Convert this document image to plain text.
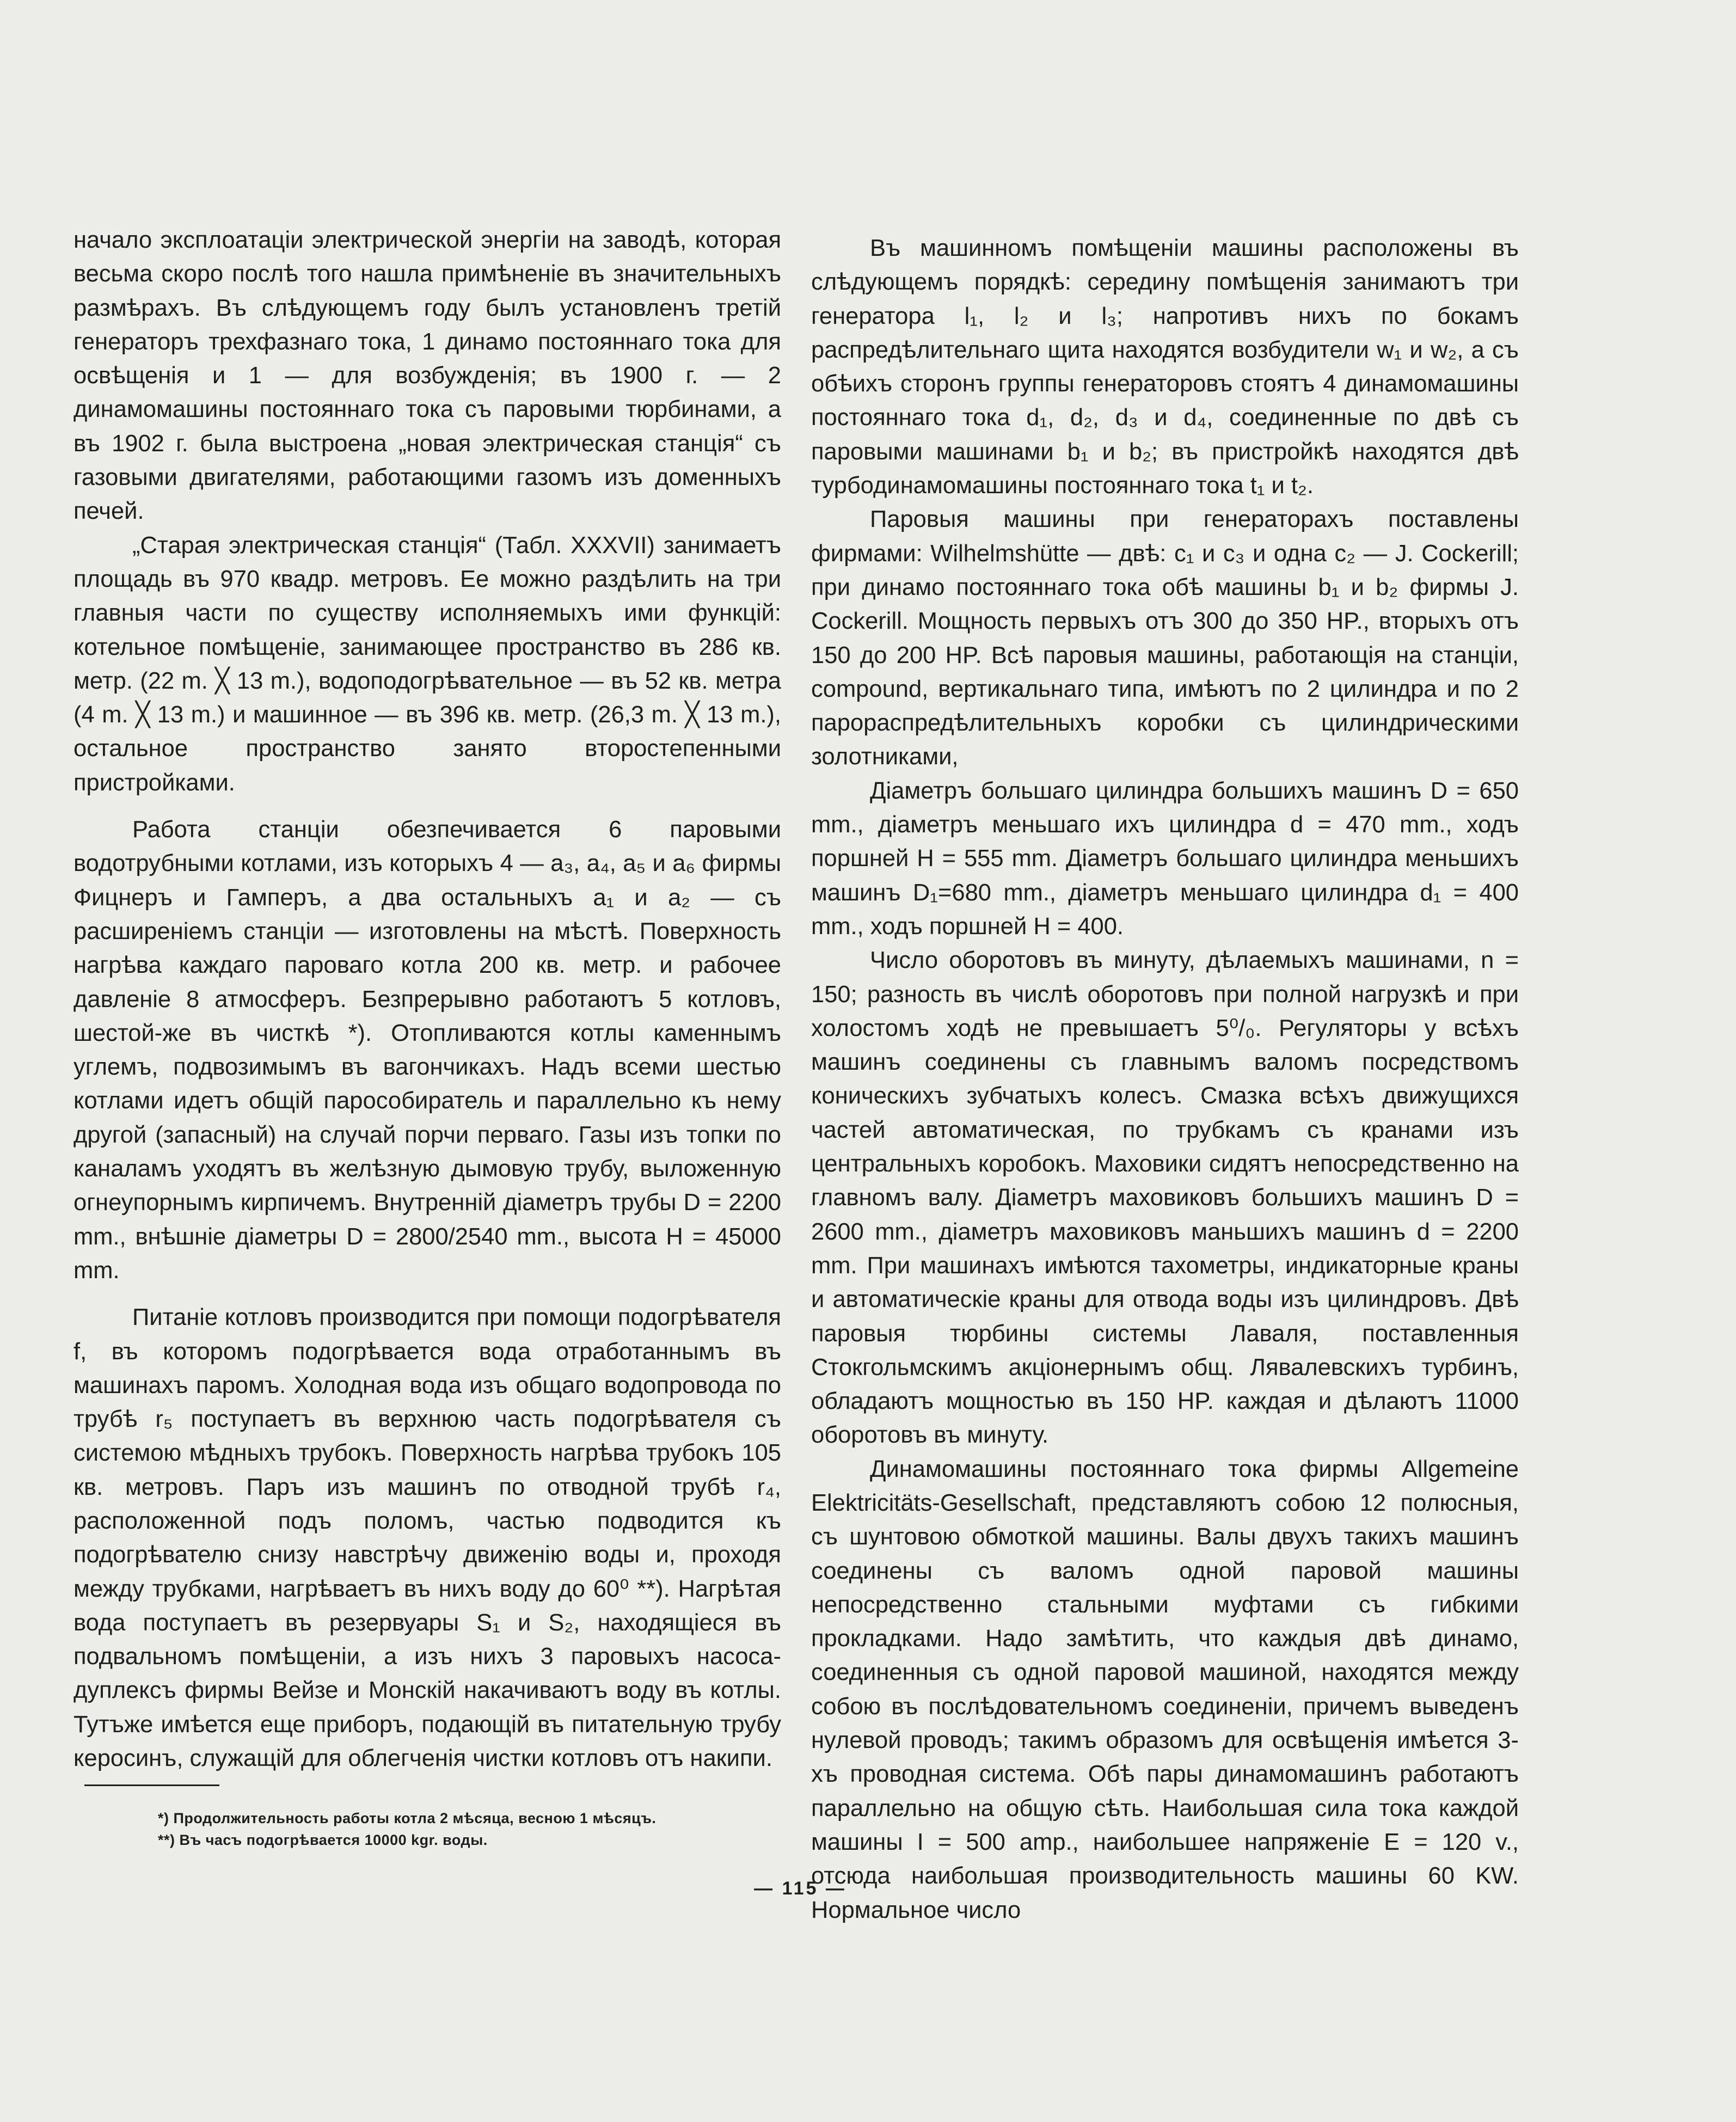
начало эксплоатацiи электрической энергiи на заводѣ, которая весьма скоро послѣ того нашла примѣненiе въ значительныхъ размѣрахъ. Въ слѣдующемъ году былъ установленъ третiй генераторъ трехфазнаго тока, 1 динамо постояннаго тока для освѣщенiя и 1 — для возбужденiя; въ 1900 г. — 2 динамомашины постояннаго тока съ паровыми тюрбинами, а въ 1902 г. была выстроена „новая электрическая станцiя“ съ газовыми двигателями, работающими газомъ изъ доменныхъ печей.

„Старая электрическая станцiя“ (Табл. XXXVII) занимаетъ площадь въ 970 квадр. метровъ. Ее можно раздѣлить на три главныя части по существу исполняемыхъ ими функцiй: котельное помѣщенiе, занимающее пространство въ 286 кв. метр. (22 m. ╳ 13 m.), водоподогрѣвательное — въ 52 кв. метра (4 m. ╳ 13 m.) и машинное — въ 396 кв. метр. (26,3 m. ╳ 13 m.), остальное пространство занято второстепенными пристройками.

Работа станцiи обезпечивается 6 паровыми водотрубными котлами, изъ которыхъ 4 — a₃, a₄, a₅ и a₆ фирмы Фицнеръ и Гамперъ, а два остальныхъ a₁ и a₂ — съ расширенiемъ станцiи — изготовлены на мѣстѣ. Поверхность нагрѣва каждаго пароваго котла 200 кв. метр. и рабочее давленiе 8 атмосферъ. Безпрерывно работаютъ 5 котловъ, шестой-же въ чисткѣ *). Отопливаются котлы каменнымъ углемъ, подвозимымъ въ вагончикахъ. Надъ всеми шестью котлами идетъ общiй парособиратель и параллельно къ нему другой (запасный) на случай порчи перваго. Газы изъ топки по каналамъ уходятъ въ желѣзную дымовую трубу, выложенную огнеупорнымъ кирпичемъ. Внутреннiй дiаметръ трубы D = 2200 mm., внѣшнiе дiаметры D = 2800/2540 mm., высота H = 45000 mm.

Питанiе котловъ производится при помощи подогрѣвателя f, въ которомъ подогрѣвается вода отработаннымъ въ машинахъ паромъ. Холодная вода изъ общаго водопровода по трубѣ r₅ поступаетъ въ верхнюю часть подогрѣвателя съ системою мѣдныхъ трубокъ. Поверхность нагрѣва трубокъ 105 кв. метровъ. Паръ изъ машинъ по отводной трубѣ r₄, расположенной подъ поломъ, частью подводится къ подогрѣвателю снизу навстрѣчу движенiю воды и, проходя между трубками, нагрѣваетъ въ нихъ воду до 60⁰ **). Нагрѣтая вода поступаетъ въ резервуары S₁ и S₂, находящiеся въ подвальномъ помѣщенiи, а изъ нихъ 3 паровыхъ насоса-дуплексъ фирмы Вейзе и Монскiй накачиваютъ воду въ котлы. Тутъже имѣется еще приборъ, подающiй въ питательную трубу керосинъ, служащiй для облегченiя чистки котловъ отъ накипи.

Въ машинномъ помѣщенiи машины расположены въ слѣдующемъ порядкѣ: середину помѣщенiя занимаютъ три генератора l₁, l₂ и l₃; напротивъ нихъ по бокамъ распредѣлительнаго щита находятся возбудители w₁ и w₂, а съ обѣихъ сторонъ группы генераторовъ стоятъ 4 динамомашины постояннаго тока d₁, d₂, d₃ и d₄, соединенные по двѣ съ паровыми машинами b₁ и b₂; въ пристройкѣ находятся двѣ турбодинамомашины постояннаго тока t₁ и t₂.

Паровыя машины при генераторахъ поставлены фирмами: Wilhelmshütte — двѣ: c₁ и c₃ и одна c₂ — J. Cockerill; при динамо постояннаго тока обѣ машины b₁ и b₂ фирмы J. Cockerill. Мощность первыхъ отъ 300 до 350 HP., вторыхъ отъ 150 до 200 HP. Всѣ паровыя машины, работающiя на станцiи, compound, вертикальнаго типа, имѣютъ по 2 цилиндра и по 2 парораспредѣлительныхъ коробки съ цилиндрическими золотниками,

Дiаметръ большаго цилиндра большихъ машинъ D = 650 mm., дiаметръ меньшаго ихъ цилиндра d = 470 mm., ходъ поршней H = 555 mm. Дiаметръ большаго цилиндра меньшихъ машинъ D₁=680 mm., дiаметръ меньшаго цилиндра d₁ = 400 mm., ходъ поршней H = 400.

Число оборотовъ въ минуту, дѣлаемыхъ машинами, n = 150; разность въ числѣ оборотовъ при полной нагрузкѣ и при холостомъ ходѣ не превышаетъ 5⁰/₀. Регуляторы у всѣхъ машинъ соединены съ главнымъ валомъ посредствомъ коническихъ зубчатыхъ колесъ. Смазка всѣхъ движущихся частей автоматическая, по трубкамъ съ кранами изъ центральныхъ коробокъ. Маховики сидятъ непосредственно на главномъ валу. Дiаметръ маховиковъ большихъ машинъ D = 2600 mm., дiаметръ маховиковъ маньшихъ машинъ d = 2200 mm. При машинахъ имѣются тахометры, индикаторные краны и автоматическiе краны для отвода воды изъ цилиндровъ. Двѣ паровыя тюрбины системы Лаваля, поставленныя Стокгольмскимъ акцiонернымъ общ. Лявалевскихъ турбинъ, обладаютъ мощностью въ 150 HP. каждая и дѣлаютъ 11000 оборотовъ въ минуту.

Динамомашины постояннаго тока фирмы Allgemeine Elektricitäts-Gesellschaft, представляютъ собою 12 полюсныя, съ шунтовою обмоткой машины. Валы двухъ такихъ машинъ соединены съ валомъ одной паровой машины непосредственно стальными муфтами съ гибкими прокладками. Надо замѣтить, что каждыя двѣ динамо, соединенныя съ одной паровой машиной, находятся между собою въ послѣдовательномъ соединенiи, причемъ выведенъ нулевой проводъ; такимъ образомъ для освѣщенiя имѣется 3-хъ проводная система. Обѣ пары динамомашинъ работаютъ параллельно на общую сѣть. Наибольшая сила тока каждой машины I = 500 amp., наибольшее напряженiе E = 120 v., отсюда наибольшая производительность машины 60 KW. Нормальное число

*) Продолжительность работы котла 2 мѣсяца, весною 1 мѣсяцъ.

**) Въ часъ подогрѣвается 10000 kgr. воды.

— 115 —
